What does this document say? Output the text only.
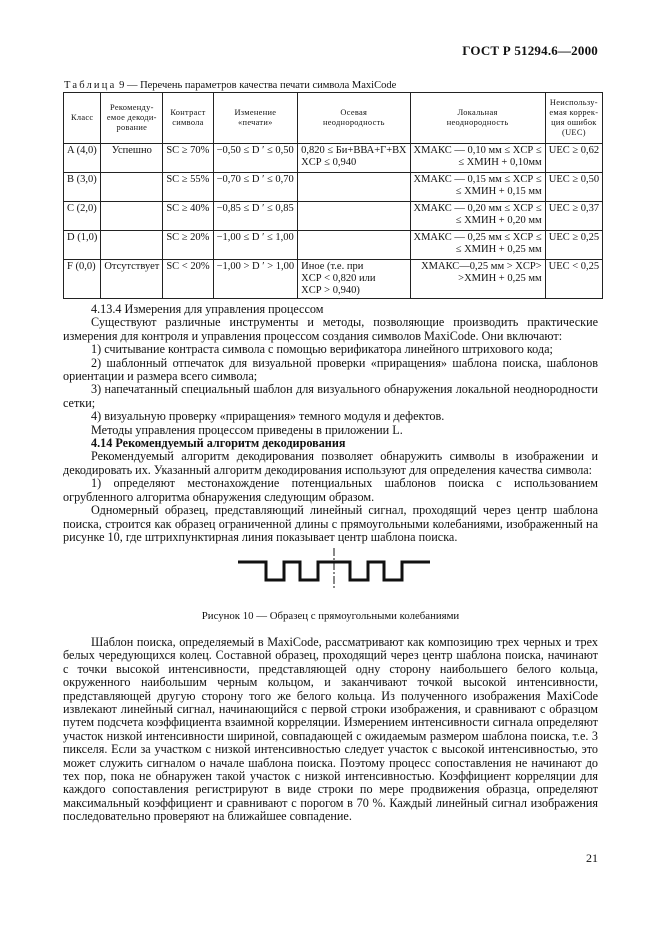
ГОСТ Р 51294.6—2000
Таблица 9 — Перечень параметров качества печати символа MaxiCode
Класс	Рекоменду-
емое декоди-
рование	Контраст
символа	Изменение
«печати»	Осевая
неоднородность	Локальная
неоднородность	Неиспользу-
емая коррек-
ция ошибок
(UEC)

A (4,0)	Успешно	SC ≥ 70%	−0,50 ≤ D ′ ≤ 0,50	0,820 ≤ Би+ВВА+Г+ВХ
XСР ≤ 0,940	XМАКС — 0,10 мм ≤ XСР ≤
≤ XМИН + 0,10мм	UEC ≥ 0,62

B (3,0)		SC ≥ 55%	−0,70 ≤ D ′ ≤ 0,70		XМАКС — 0,15 мм ≤ XСР ≤
≤ XМИН + 0,15 мм	UEC ≥ 0,50

C (2,0)		SC ≥ 40%	−0,85 ≤ D ′ ≤ 0,85		XМАКС — 0,20 мм ≤ XСР ≤
≤ XМИН + 0,20 мм	UEC ≥ 0,37

D (1,0)		SC ≥ 20%	−1,00 ≤ D ′ ≤ 1,00		XМАКС — 0,25 мм ≤ XСР ≤
≤ XМИН + 0,25 мм	UEC ≥ 0,25

F (0,0)	Отсутствует	SC < 20%	−1,00 > D ′ > 1,00	Иное (т.е. при
XСР < 0,820 или
XСР > 0,940)	XМАКС—0,25 мм > XСР>
>XМИН + 0,25 мм	UEC < 0,25

4.13.4 Измерения для управления процессом

Существуют различные инструменты и методы, позволяющие производить практические измерения для контроля и управления процессом создания символов MaxiCode. Они включают:

1) считывание контраста символа с помощью верификатора линейного штрихового кода;

2) шаблонный отпечаток для визуальной проверки «приращения» шаблона поиска, шаблонов ориентации и размера всего символа;

3) напечатанный специальный шаблон для визуального обнаружения локальной неоднородности сетки;

4) визуальную проверку «приращения» темного модуля и дефектов.

Методы управления процессом приведены в приложении L.

4.14 Рекомендуемый алгоритм декодирования

Рекомендуемый алгоритм декодирования позволяет обнаружить символы в изображении и декодировать их. Указанный алгоритм декодирования используют для определения качества символа:

1) определяют местонахождение потенциальных шаблонов поиска с использованием огрубленного алгоритма обнаружения следующим образом.

Одномерный образец, представляющий линейный сигнал, проходящий через центр шаблона поиска, строится как образец ограниченной длины с прямоугольными колебаниями, изображенный на рисунке 10, где штрихпунктирная линия показывает центр шаблона поиска.

Рисунок 10 — Образец с прямоугольными колебаниями

Шаблон поиска, определяемый в MaxiCode, рассматривают как композицию трех черных и трех белых чередующихся колец. Составной образец, проходящий через центр шаблона поиска, начинают с точки высокой интенсивности, представляющей одну сторону наибольшего белого кольца, окруженного наибольшим черным кольцом, и заканчивают точкой высокой интенсивности, представляющей другую сторону того же белого кольца. Из полученного изображения MaxiCode извлекают линейный сигнал, начинающийся с первой строки изображения, и сравнивают с образцом путем подсчета коэффициента взаимной корреляции. Измерением интенсивности сигнала определяют участок низкой интенсивности шириной, совпадающей с ожидаемым размером шаблона поиска, т.е. 3 пикселя. Если за участком с низкой интенсивностью следует участок с высокой интенсивностью, это может служить сигналом о начале шаблона поиска. Поэтому процесс сопоставления не начинают до тех пор, пока не обнаружен такой участок с низкой интенсивностью. Коэффициент корреляции для каждого сопоставления регистрируют в виде строки по мере продвижения образца, определяют максимальный коэффициент и сравнивают с порогом в 70 %. Каждый линейный сигнал изображения последовательно проверяют на ближайшее совпадение.

21
